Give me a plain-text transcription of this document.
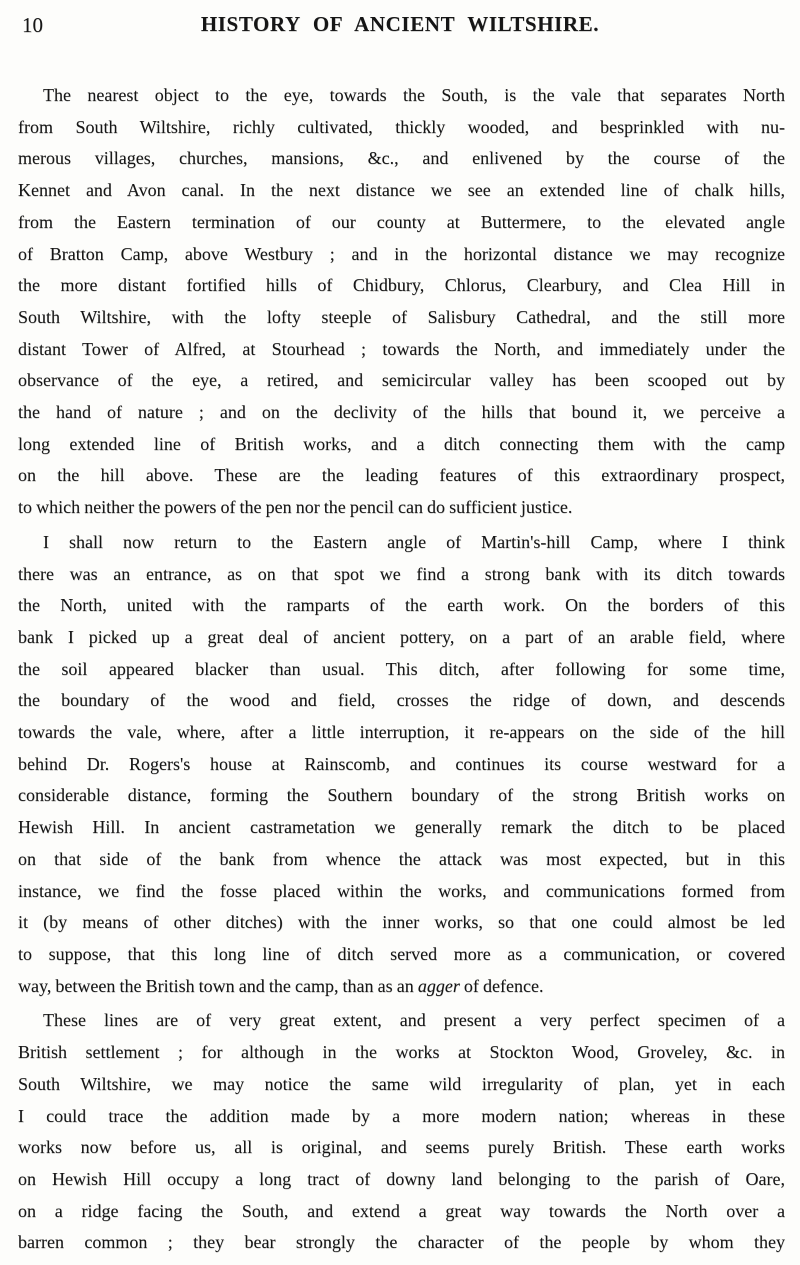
10	HISTORY OF ANCIENT WILTSHIRE.
The nearest object to the eye, towards the South, is the vale that separates North
from South Wiltshire, richly cultivated, thickly wooded, and besprinkled with nu-
merous villages, churches, mansions, &c., and enlivened by the course of the
Kennet and Avon canal. In the next distance we see an extended line of chalk hills,
from the Eastern termination of our county at Buttermere, to the elevated angle
of Bratton Camp, above Westbury ; and in the horizontal distance we may recognize
the more distant fortified hills of Chidbury, Chlorus, Clearbury, and Clea Hill in
South Wiltshire, with the lofty steeple of Salisbury Cathedral, and the still more
distant Tower of Alfred, at Stourhead ; towards the North, and immediately under the
observance of the eye, a retired, and semicircular valley has been scooped out by
the hand of nature ; and on the declivity of the hills that bound it, we perceive a
long extended line of British works, and a ditch connecting them with the camp
on the hill above. These are the leading features of this extraordinary prospect,
to which neither the powers of the pen nor the pencil can do sufficient justice.
I shall now return to the Eastern angle of Martin's-hill Camp, where I think
there was an entrance, as on that spot we find a strong bank with its ditch towards
the North, united with the ramparts of the earth work. On the borders of this
bank I picked up a great deal of ancient pottery, on a part of an arable field, where
the soil appeared blacker than usual. This ditch, after following for some time,
the boundary of the wood and field, crosses the ridge of down, and descends
towards the vale, where, after a little interruption, it re-appears on the side of the hill
behind Dr. Rogers's house at Rainscomb, and continues its course westward for a
considerable distance, forming the Southern boundary of the strong British works on
Hewish Hill. In ancient castrametation we generally remark the ditch to be placed
on that side of the bank from whence the attack was most expected, but in this
instance, we find the fosse placed within the works, and communications formed from
it (by means of other ditches) with the inner works, so that one could almost be led
to suppose, that this long line of ditch served more as a communication, or covered
way, between the British town and the camp, than as an agger of defence.
These lines are of very great extent, and present a very perfect specimen of a
British settlement ; for although in the works at Stockton Wood, Groveley, &c. in
South Wiltshire, we may notice the same wild irregularity of plan, yet in each
I could trace the addition made by a more modern nation; whereas in these
works now before us, all is original, and seems purely British. These earth works
on Hewish Hill occupy a long tract of downy land belonging to the parish of Oare,
on a ridge facing the South, and extend a great way towards the North over a
barren common ; they bear strongly the character of the people by whom they
